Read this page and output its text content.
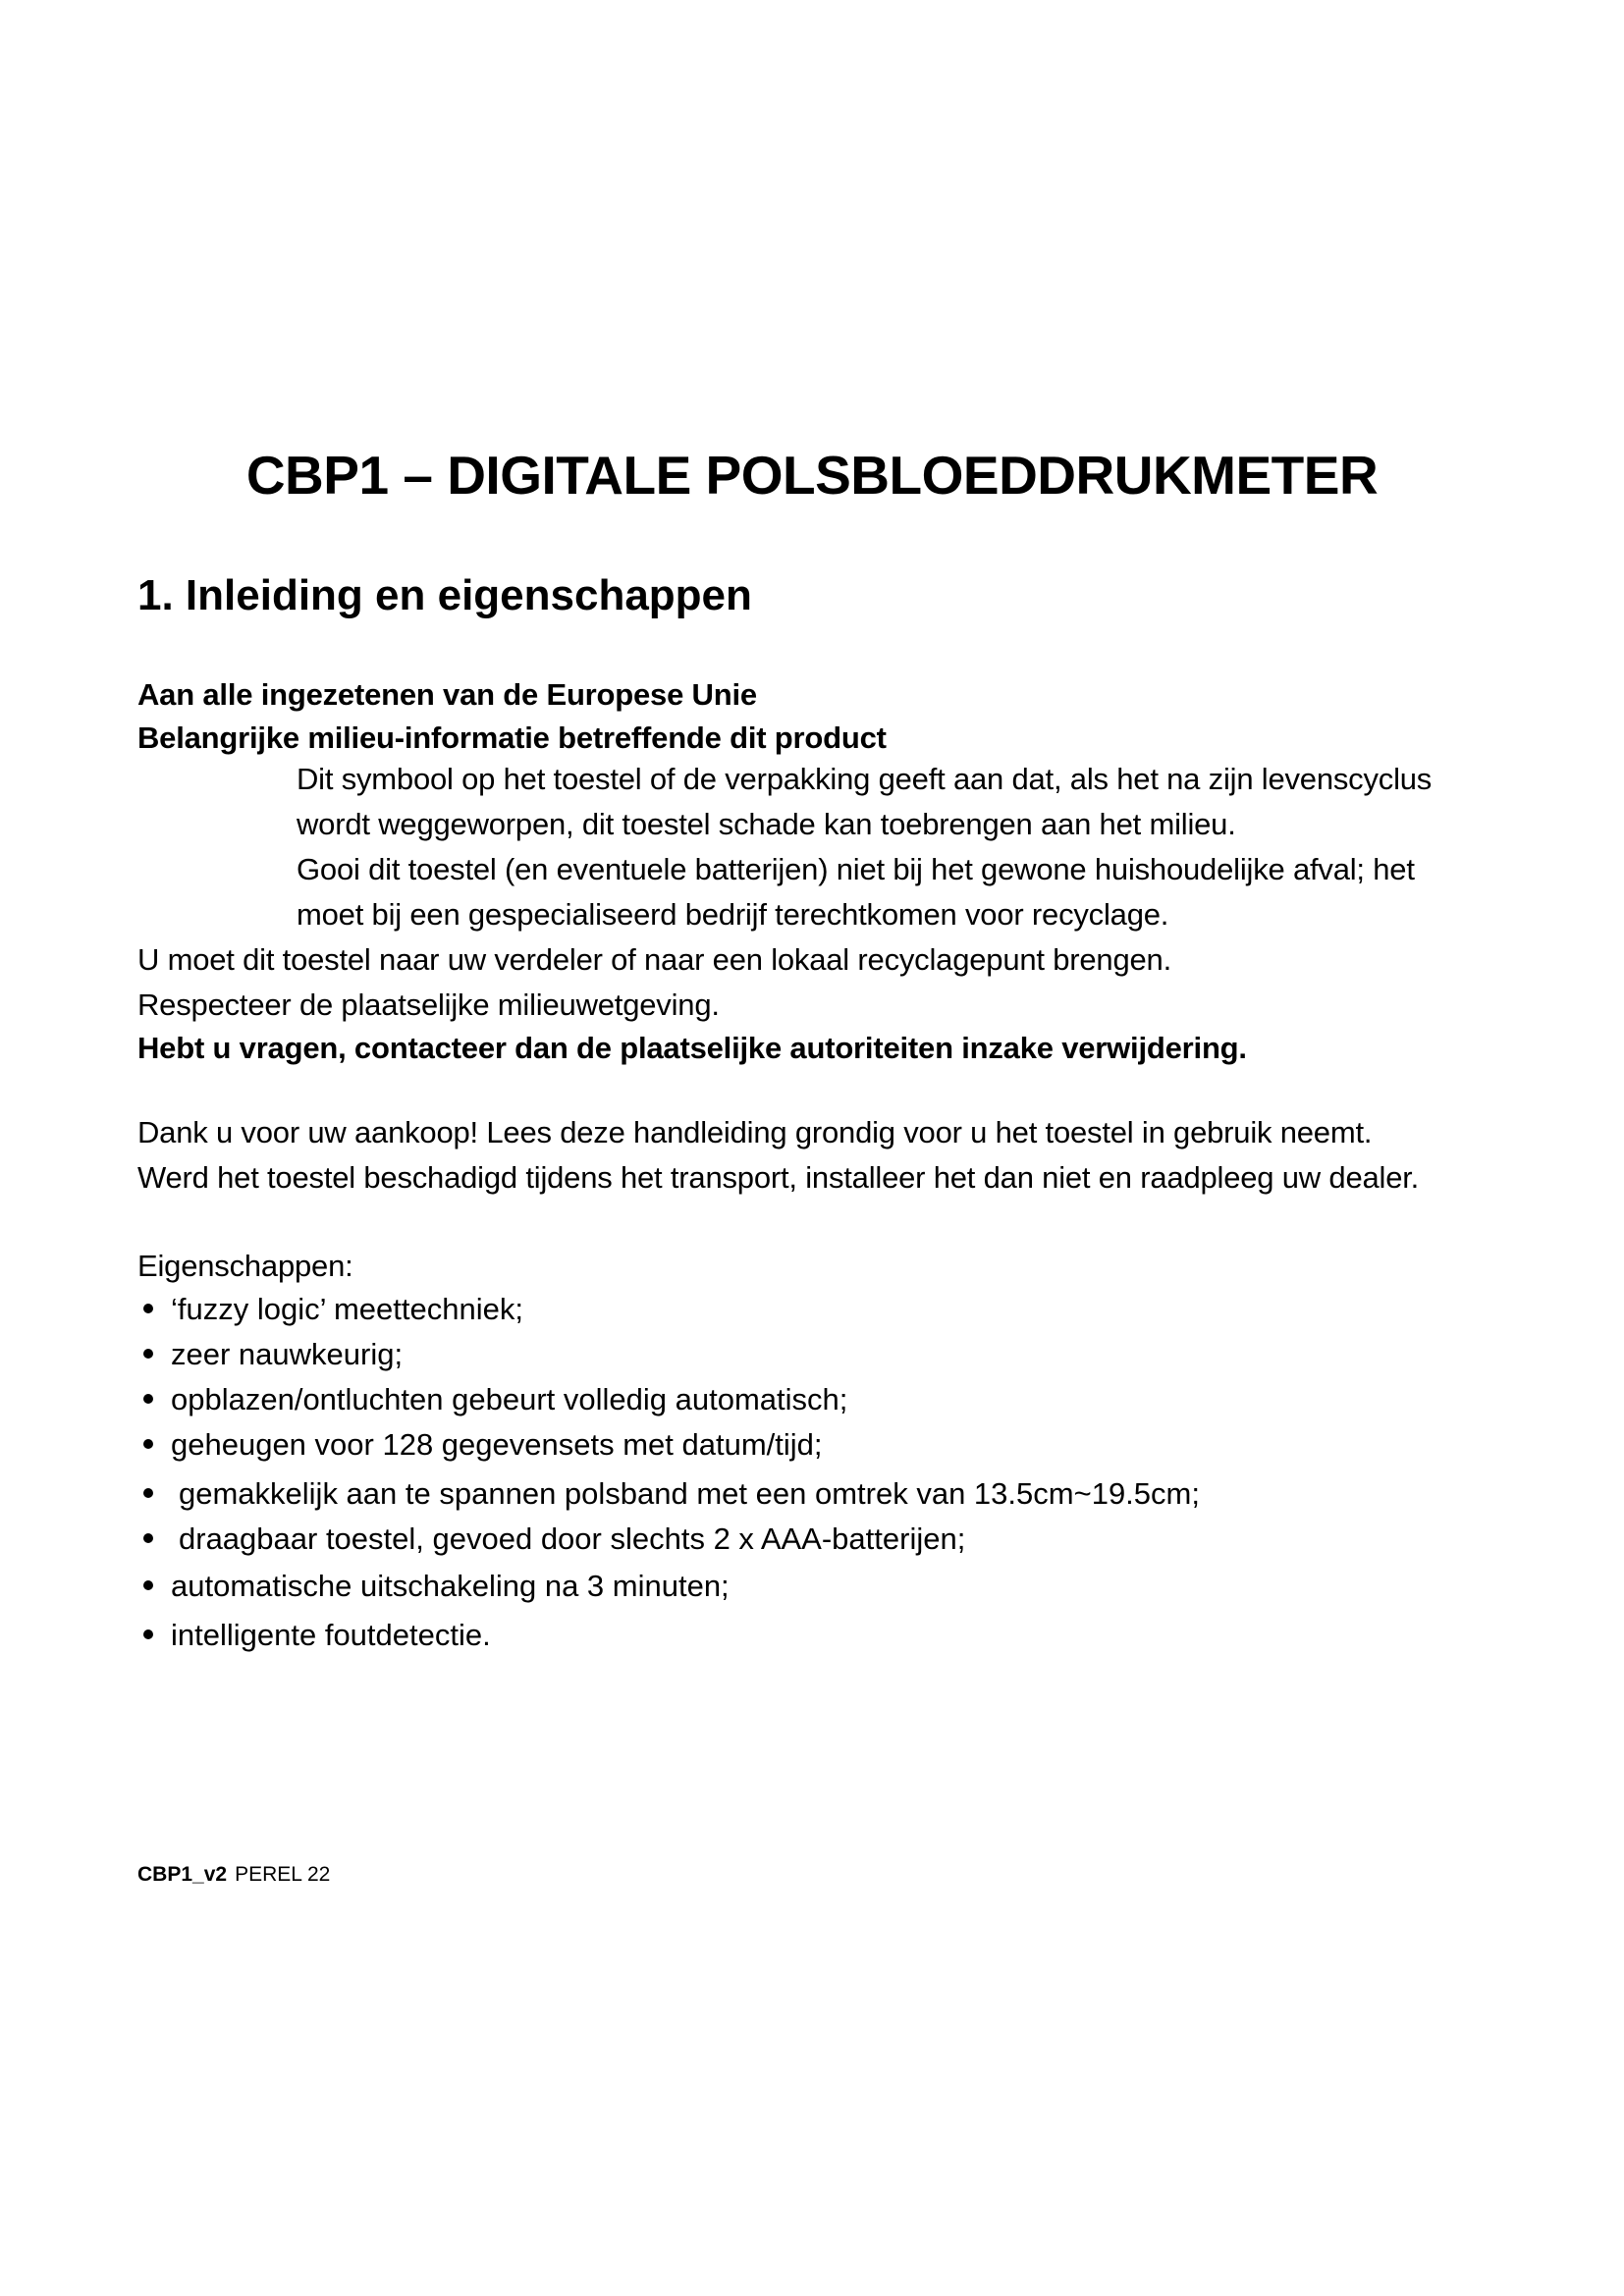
CBP1 – DIGITALE POLSBLOEDDRUKMETER
1. Inleiding en eigenschappen

Aan alle ingezetenen van de Europese Unie

Belangrijke milieu-informatie betreffende dit product

Dit symbool op het toestel of de verpakking geeft aan dat, als het na zijn levenscyclus

wordt weggeworpen, dit toestel schade kan toebrengen aan het milieu.

Gooi dit toestel (en eventuele batterijen) niet bij het gewone huishoudelijke afval; het

moet bij een gespecialiseerd bedrijf terechtkomen voor recyclage.

U moet dit toestel naar uw verdeler of naar een lokaal recyclagepunt brengen.

Respecteer de plaatselijke milieuwetgeving.

Hebt u vragen, contacteer dan de plaatselijke autoriteiten inzake verwijdering.

Dank u voor uw aankoop! Lees deze handleiding grondig voor u het toestel in gebruik neemt.

Werd het toestel beschadigd tijdens het transport, installeer het dan niet en raadpleeg uw dealer.

Eigenschappen:

‘fuzzy logic’ meettechniek;

zeer nauwkeurig;

opblazen/ontluchten gebeurt volledig automatisch;

geheugen voor 128 gegevensets met datum/tijd;

gemakkelijk aan te spannen polsband met een omtrek van 13.5cm~19.5cm;

draagbaar toestel, gevoed door slechts 2 x AAA-batterijen;

automatische uitschakeling na 3 minuten;

intelligente foutdetectie.

CBP1_v2 PEREL 22
